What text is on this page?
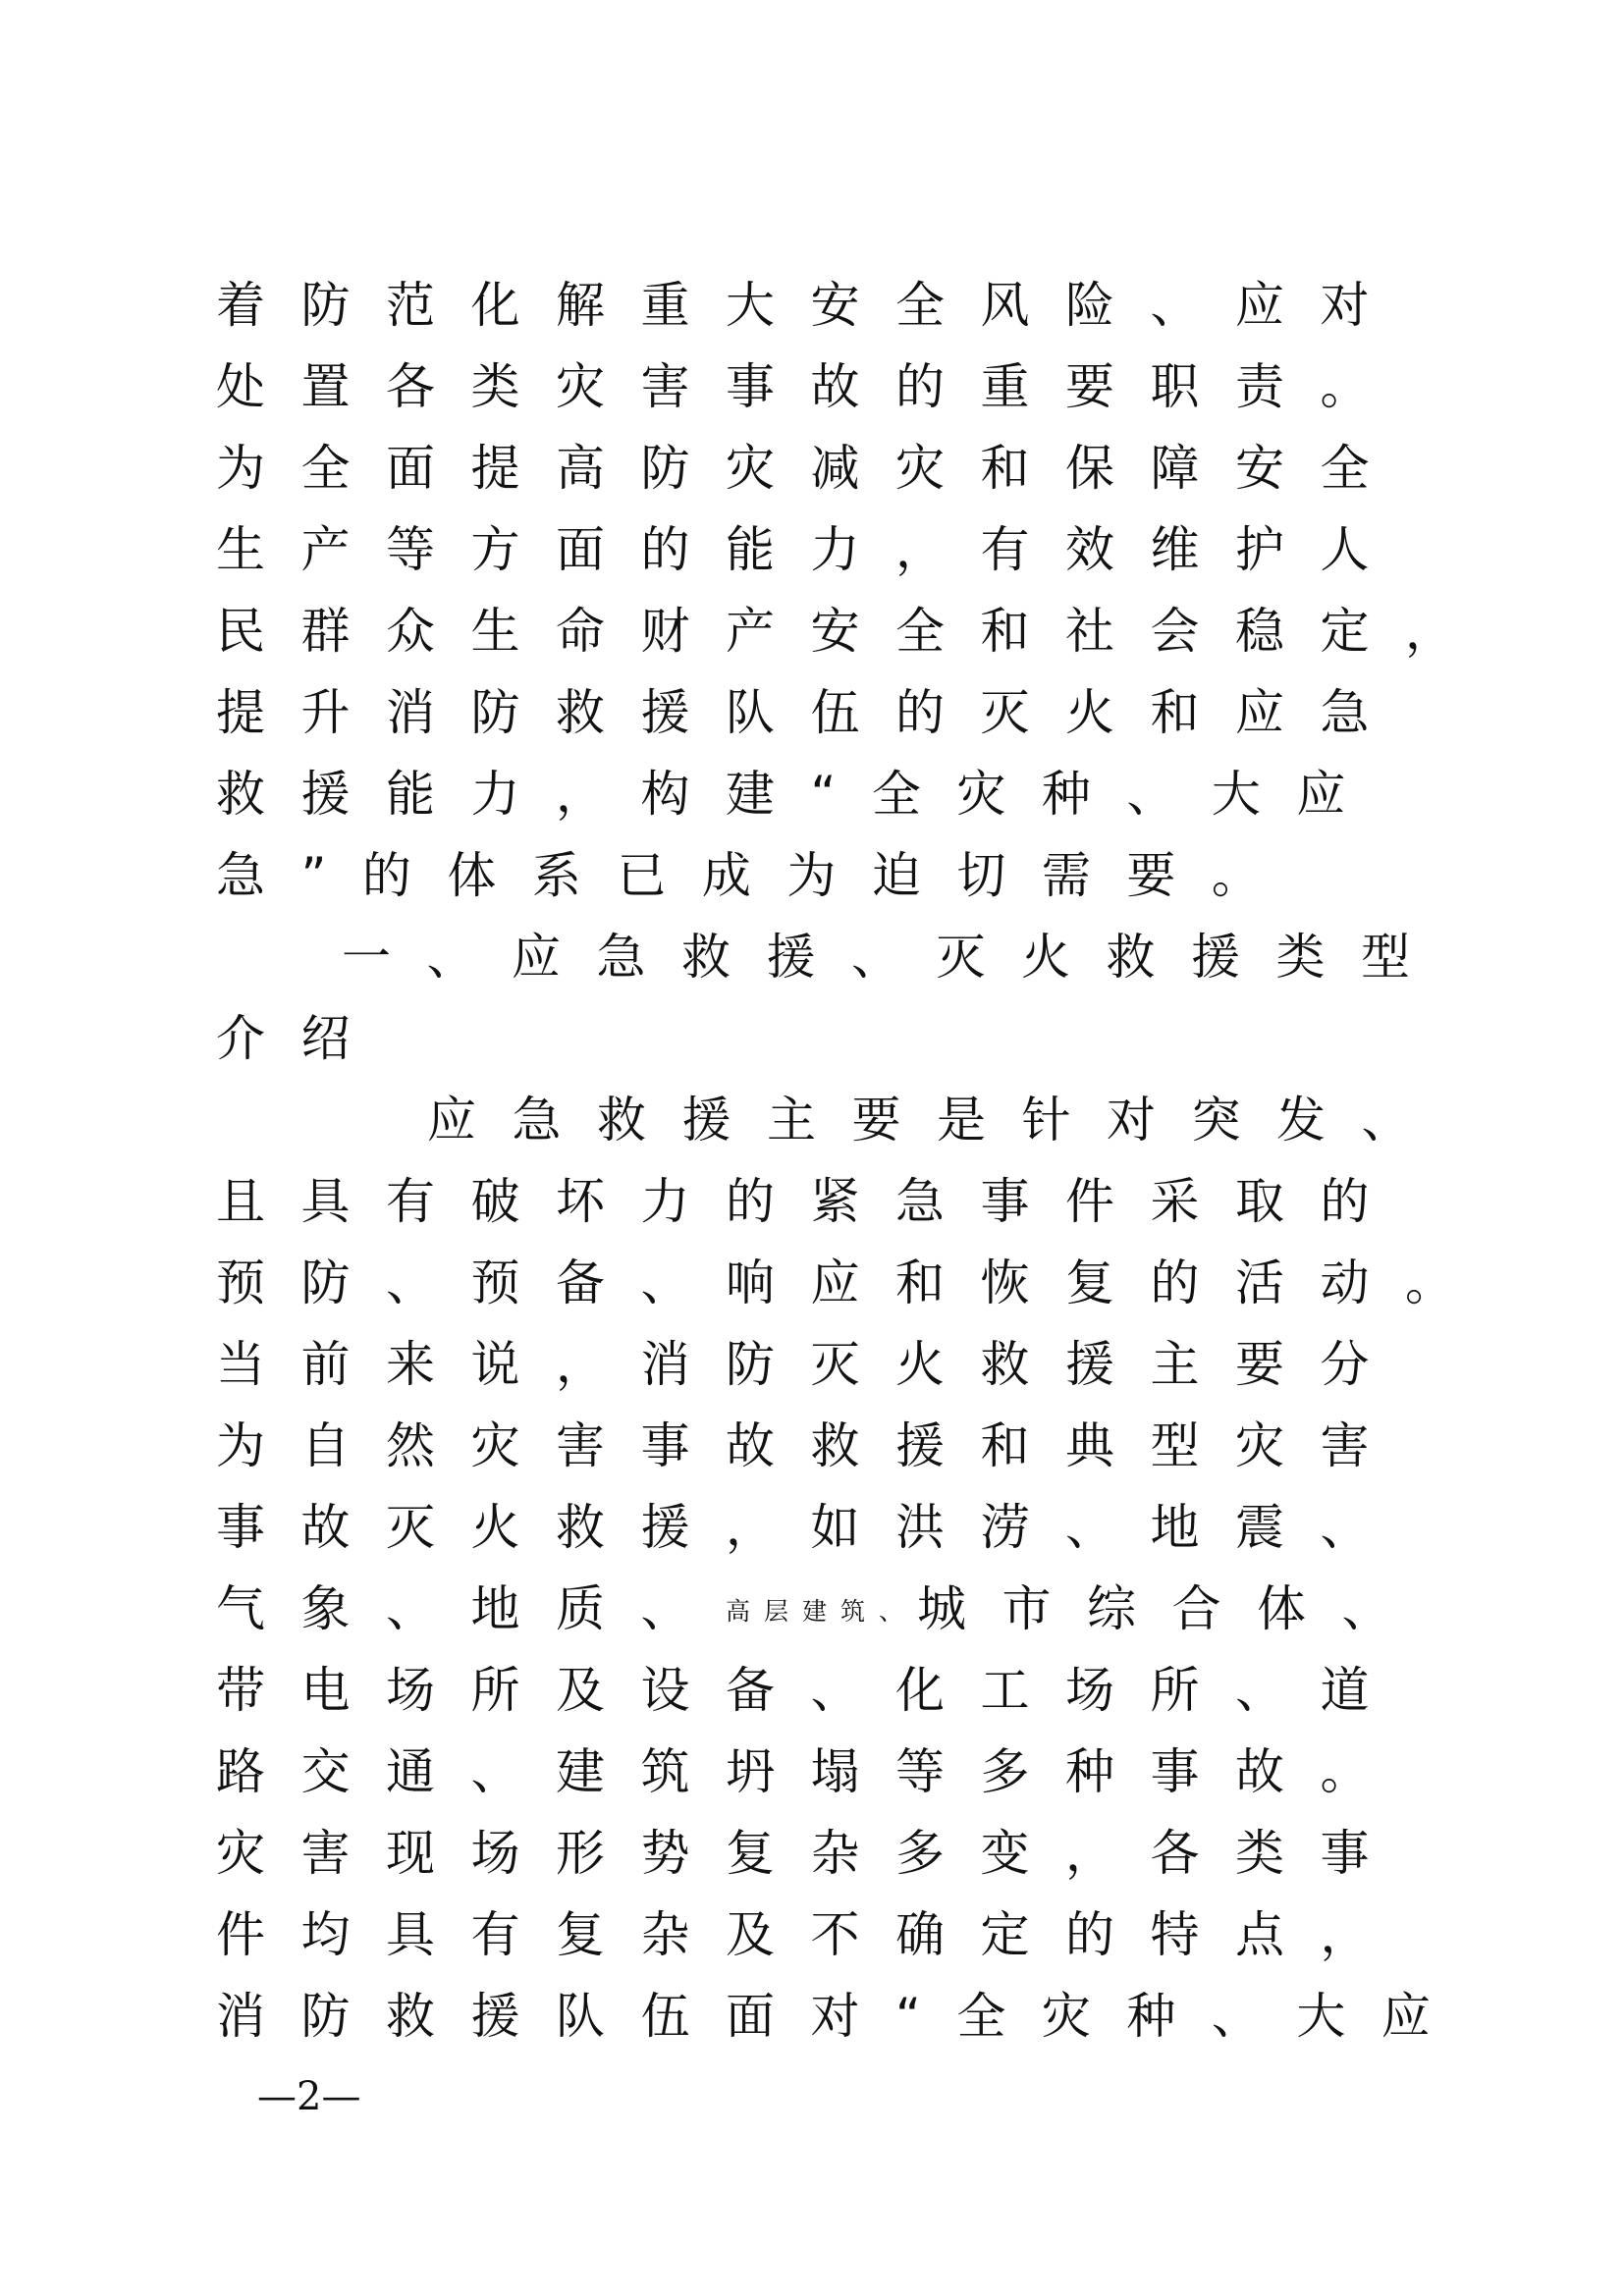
着防范化解重大安全风险、应对
处置各类灾害事故的重要职责。
为全面提高防灾减灾和保障安全
生产等方面的能力，有效维护人
民群众生命财产安全和社会稳定，
提升消防救援队伍的灭火和应急
救援能力，构建“全灾种、大应
急”的体系已成为迫切需要。
一、应急救援、灭火救援类型
介绍
应急救援主要是针对突发、
且具有破坏力的紧急事件采取的
预防、预备、响应和恢复的活动。
当前来说，消防灭火救援主要分
为自然灾害事故救援和典型灾害
事故灭火救援，如洪涝、地震、
气象、地质、高层建筑、城市综合体、
带电场所及设备、化工场所、道
路交通、建筑坍塌等多种事故。
灾害现场形势复杂多变，各类事
件均具有复杂及不确定的特点，
消防救援队伍面对“全灾种、大应
—2—
